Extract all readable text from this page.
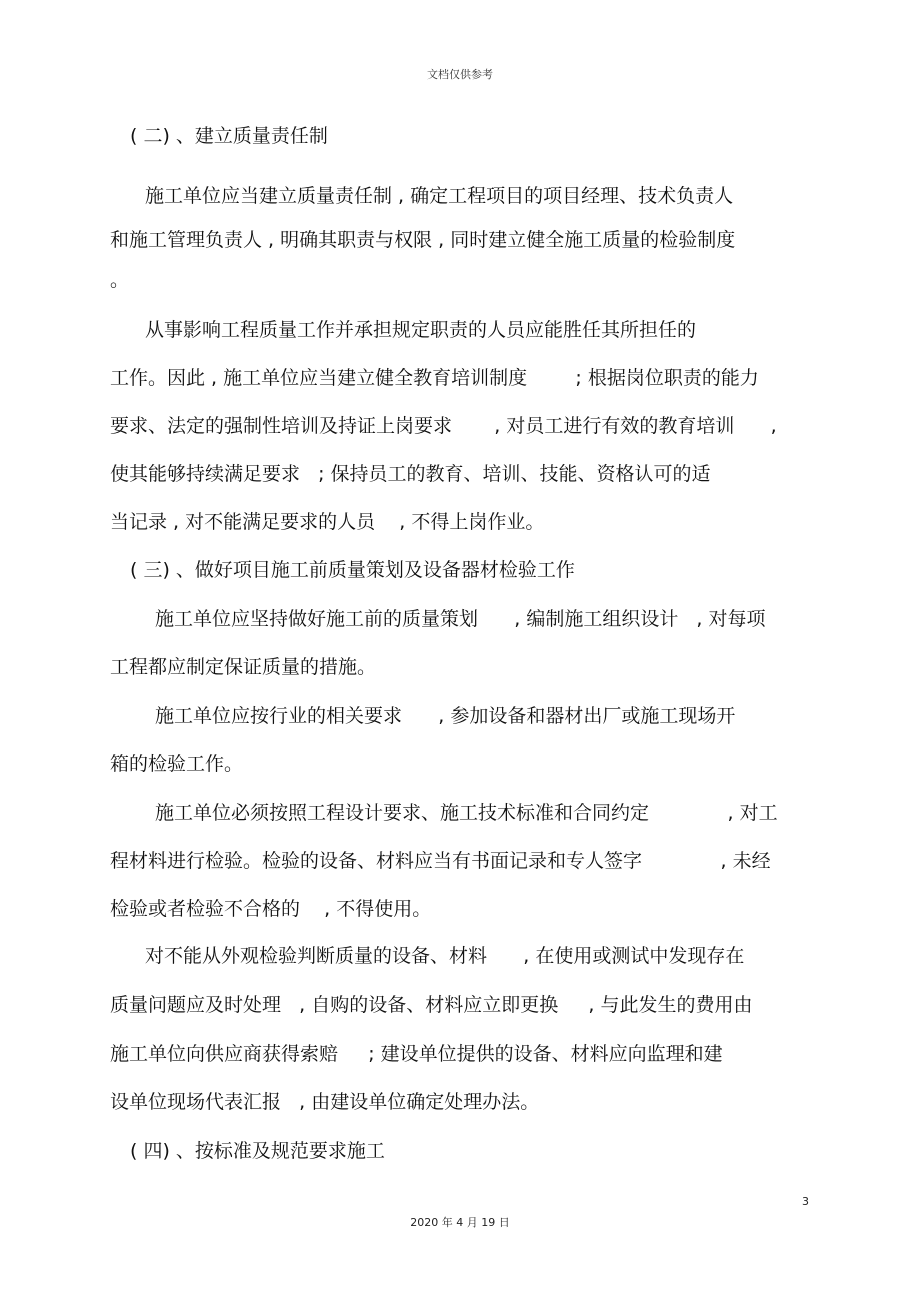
文档仅供参考
( 二) 、建立质量责任制
施工单位应当建立质量责任制 , 确定工程项目的项目经理、技术负责人
和施工管理负责人 , 明确其职责与权限 , 同时建立健全施工质量的检验制度
。
从事影响工程质量工作并承担规定职责的人员应能胜任其所担任的
工作。因此 , 施工单位应当建立健全教育培训制度        ; 根据岗位职责的能力
要求、法定的强制性培训及持证上岗要求       , 对员工进行有效的教育培训      ,
使其能够持续满足要求   ; 保持员工的教育、培训、技能、资格认可的适
当记录 , 对不能满足要求的人员    , 不得上岗作业。
( 三) 、做好项目施工前质量策划及设备器材检验工作
施工单位应坚持做好施工前的质量策划      , 编制施工组织设计   , 对每项
工程都应制定保证质量的措施。
施工单位应按行业的相关要求      , 参加设备和器材出厂或施工现场开
箱的检验工作。
施工单位必须按照工程设计要求、施工技术标准和合同约定             , 对工
程材料进行检验。检验的设备、材料应当有书面记录和专人签字             , 未经
检验或者检验不合格的    , 不得使用。
对不能从外观检验判断质量的设备、材料      , 在使用或测试中发现存在
质量问题应及时处理   , 自购的设备、材料应立即更换     , 与此发生的费用由
施工单位向供应商获得索赔     ; 建设单位提供的设备、材料应向监理和建
设单位现场代表汇报   , 由建设单位确定处理办法。
( 四) 、按标准及规范要求施工
3
2020 年 4 月 19 日
